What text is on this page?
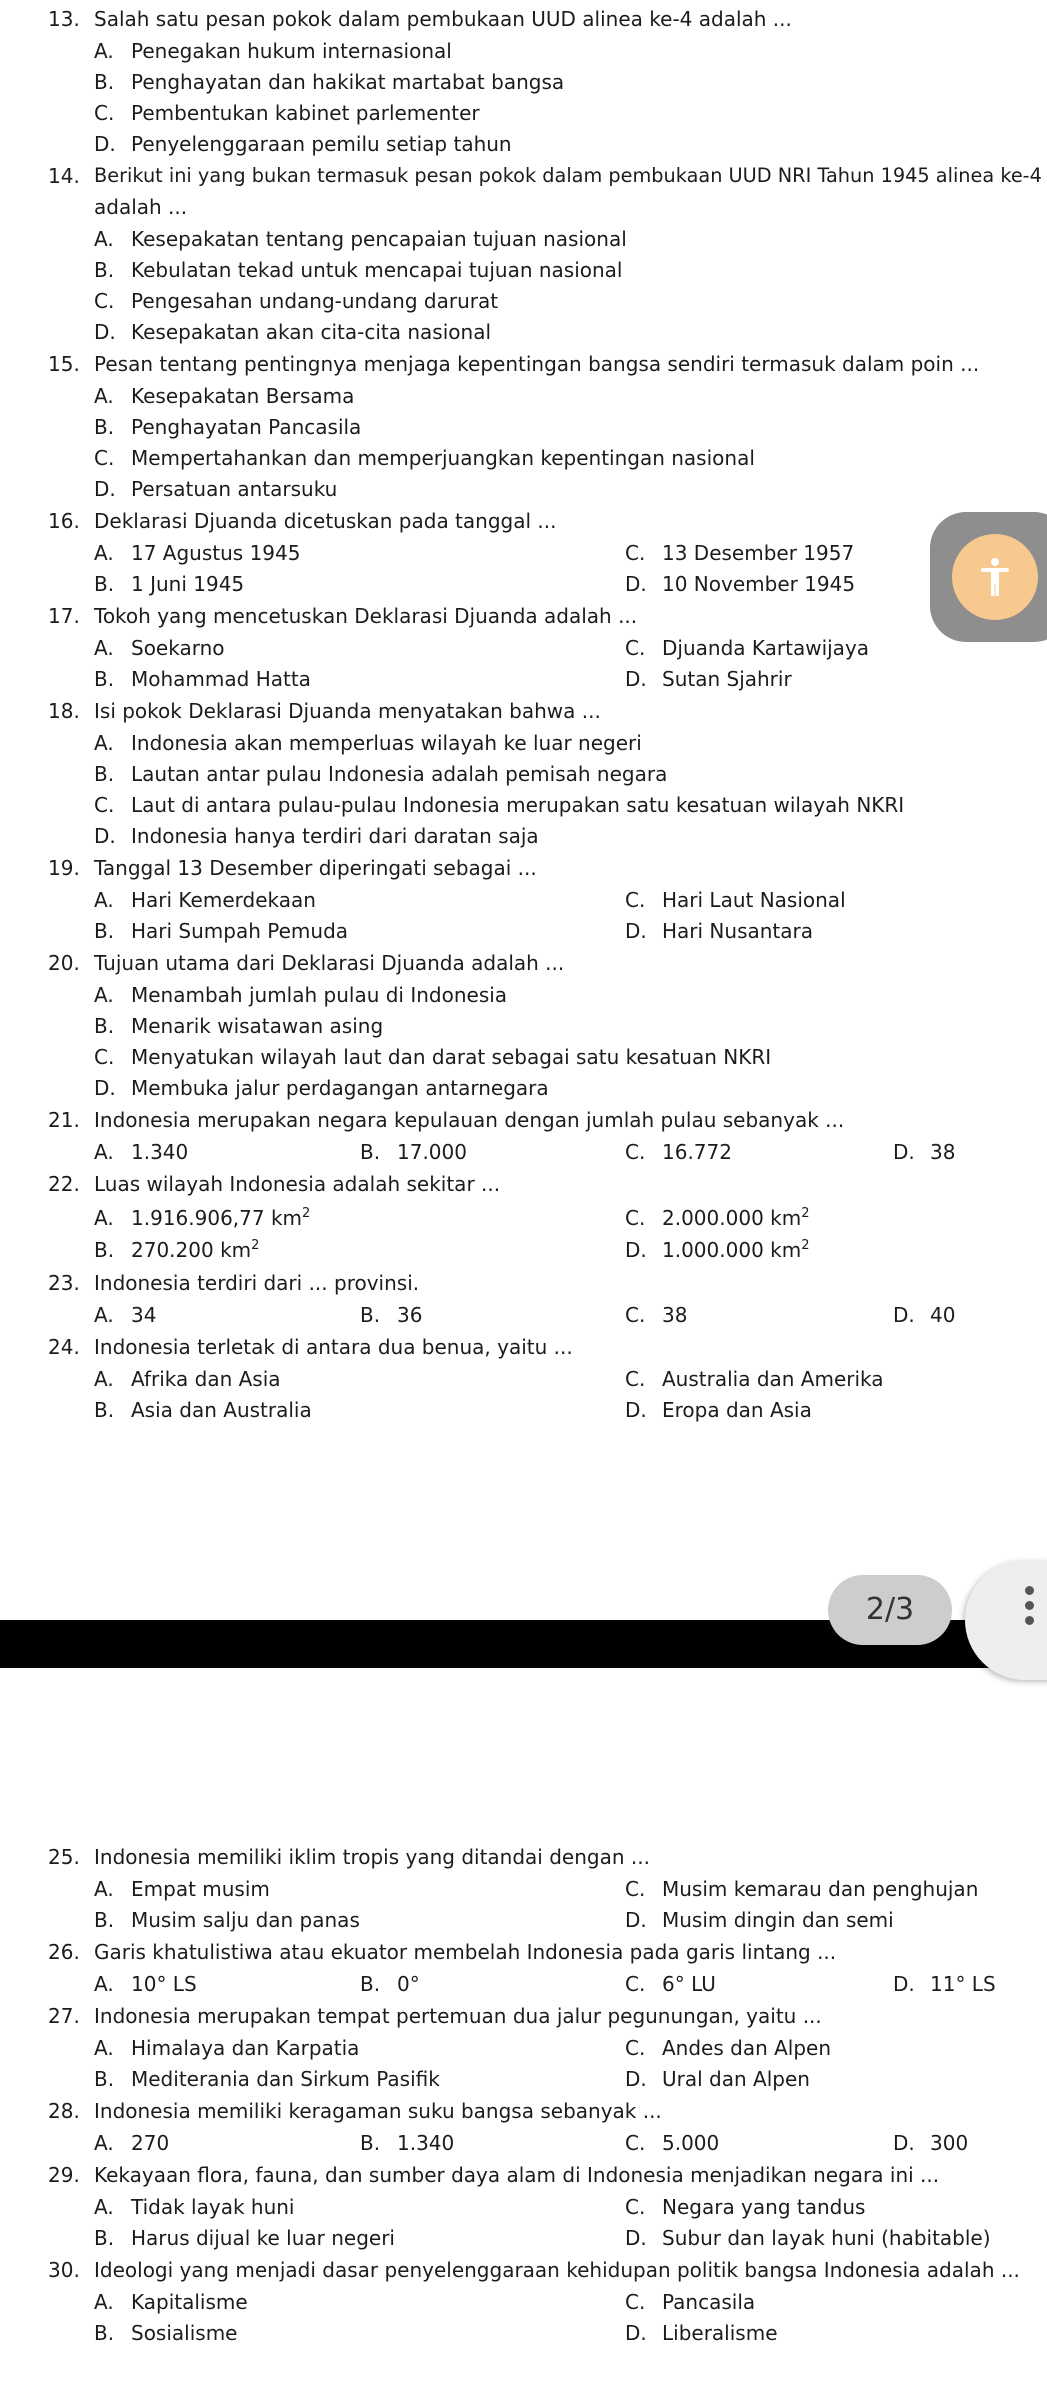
13. Salah satu pesan pokok dalam pembukaan UUD alinea ke-4 adalah ...
A. Penegakan hukum internasional
B. Penghayatan dan hakikat martabat bangsa
C. Pembentukan kabinet parlementer
D. Penyelenggaraan pemilu setiap tahun
14. Berikut ini yang bukan termasuk pesan pokok dalam pembukaan UUD NRI Tahun 1945 alinea ke-4
adalah ...
A. Kesepakatan tentang pencapaian tujuan nasional
B. Kebulatan tekad untuk mencapai tujuan nasional
C. Pengesahan undang-undang darurat
D. Kesepakatan akan cita-cita nasional
15. Pesan tentang pentingnya menjaga kepentingan bangsa sendiri termasuk dalam poin ...
A. Kesepakatan Bersama
B. Penghayatan Pancasila
C. Mempertahankan dan memperjuangkan kepentingan nasional
D. Persatuan antarsuku
16. Deklarasi Djuanda dicetuskan pada tanggal ...
A. 17 Agustus 1945
B. 1 Juni 1945
C. 13 Desember 1957
D. 10 November 1945
17. Tokoh yang mencetuskan Deklarasi Djuanda adalah ...
A. Soekarno
B. Mohammad Hatta
C. Djuanda Kartawijaya
D. Sutan Sjahrir
18. Isi pokok Deklarasi Djuanda menyatakan bahwa ...
A. Indonesia akan memperluas wilayah ke luar negeri
B. Lautan antar pulau Indonesia adalah pemisah negara
C. Laut di antara pulau-pulau Indonesia merupakan satu kesatuan wilayah NKRI
D. Indonesia hanya terdiri dari daratan saja
19. Tanggal 13 Desember diperingati sebagai ...
A. Hari Kemerdekaan
B. Hari Sumpah Pemuda
C. Hari Laut Nasional
D. Hari Nusantara
20. Tujuan utama dari Deklarasi Djuanda adalah ...
A. Menambah jumlah pulau di Indonesia
B. Menarik wisatawan asing
C. Menyatukan wilayah laut dan darat sebagai satu kesatuan NKRI
D. Membuka jalur perdagangan antarnegara
21. Indonesia merupakan negara kepulauan dengan jumlah pulau sebanyak ...
A. 1.340	B. 17.000	C. 16.772	D. 38
22. Luas wilayah Indonesia adalah sekitar ...
A. 1.916.906,77 $km^2$
B. 270.200 $km^2$
C. 2.000.000 $km^2$
D. 1.000.000 $km^2$
23. Indonesia terdiri dari ... provinsi.
A. 34	B. 36	C. 38	D. 40
24. Indonesia terletak di antara dua benua, yaitu ...
A. Afrika dan Asia
B. Asia dan Australia
C. Australia dan Amerika
D. Eropa dan Asia
2/3
25. Indonesia memiliki iklim tropis yang ditandai dengan ...
A. Empat musim
B. Musim salju dan panas
C. Musim kemarau dan penghujan
D. Musim dingin dan semi
26. Garis khatulistiwa atau ekuator membelah Indonesia pada garis lintang ...
A. 10° LS	B. 0°	C. 6° LU	D. 11° LS
27. Indonesia merupakan tempat pertemuan dua jalur pegunungan, yaitu ...
A. Himalaya dan Karpatia
B. Mediterania dan Sirkum Pasifik
C. Andes dan Alpen
D. Ural dan Alpen
28. Indonesia memiliki keragaman suku bangsa sebanyak ...
A. 270	B. 1.340	C. 5.000	D. 300
29. Kekayaan flora, fauna, dan sumber daya alam di Indonesia menjadikan negara ini ...
A. Tidak layak huni
B. Harus dijual ke luar negeri
C. Negara yang tandus
D. Subur dan layak huni (habitable)
30. Ideologi yang menjadi dasar penyelenggaraan kehidupan politik bangsa Indonesia adalah ...
A. Kapitalisme
B. Sosialisme
C. Pancasila
D. Liberalisme
